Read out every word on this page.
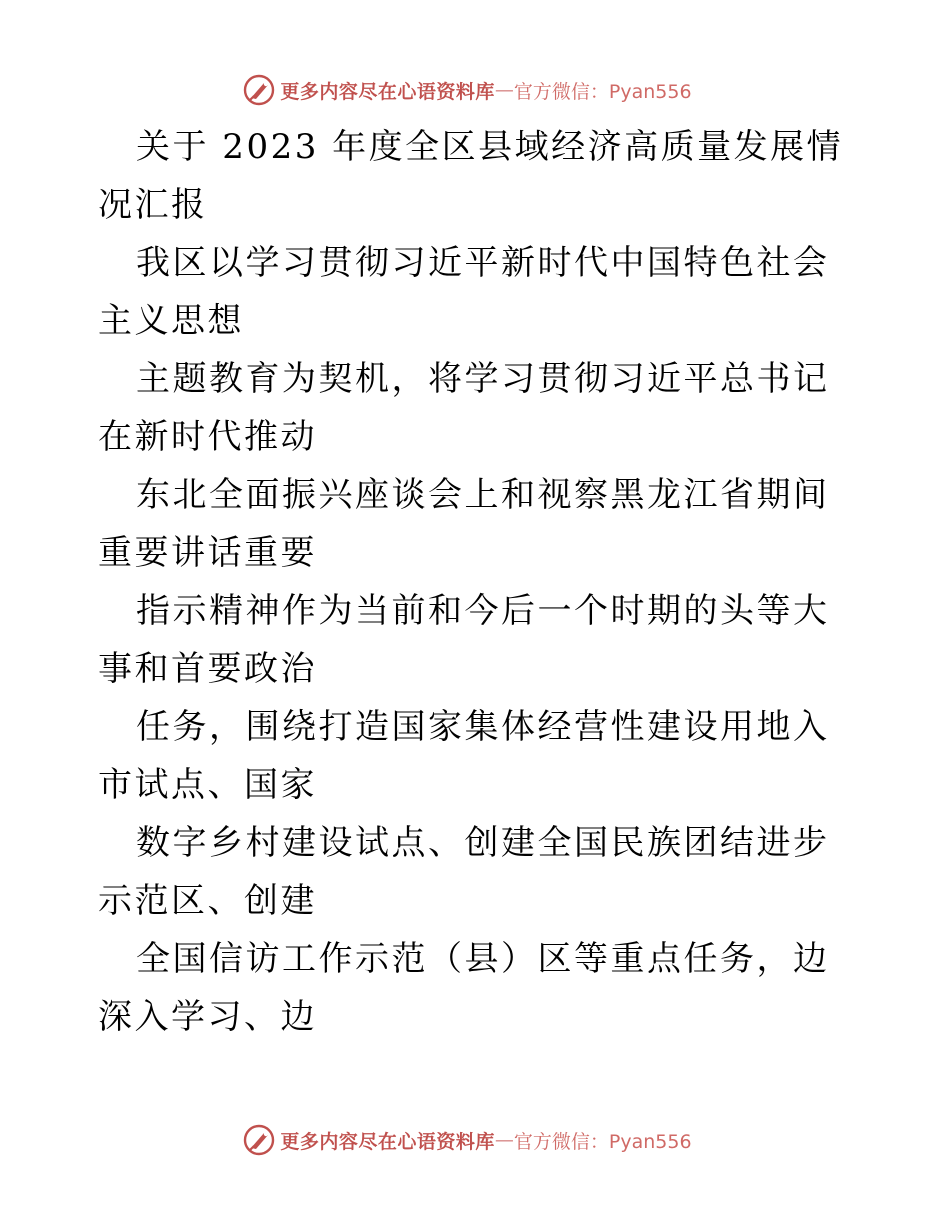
更多内容尽在心语资料库 — 官方微信：Pyan556

关于 2023 年度全区县域经济高质量发展情况汇报

我区以学习贯彻习近平新时代中国特色社会主义思想

主题教育为契机，将学习贯彻习近平总书记在新时代推动

东北全面振兴座谈会上和视察黑龙江省期间重要讲话重要

指示精神作为当前和今后一个时期的头等大事和首要政治

任务，围绕打造国家集体经营性建设用地入市试点、国家

数字乡村建设试点、创建全国民族团结进步示范区、创建

全国信访工作示范（县）区等重点任务，边深入学习、边

更多内容尽在心语资料库 — 官方微信：Pyan556
